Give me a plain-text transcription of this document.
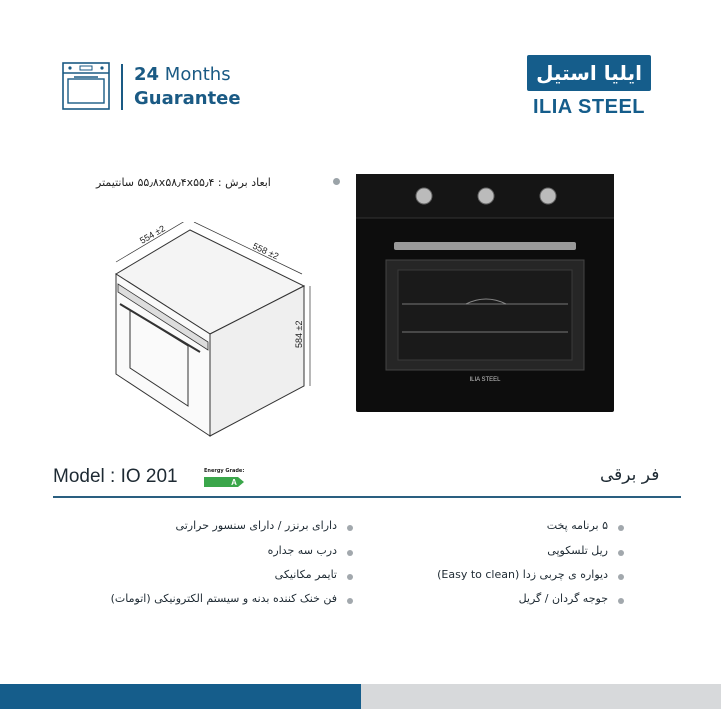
24 Months
Guarantee
ایلیا استیل
ILIA STEEL
ابعاد برش : ۵۵٫۸x۵۸٫۴x۵۵٫۴ سانتیمتر
554 ±2
558 ±2
584 ±2
ILIA STEEL
Model : IO 201	Energy Grade:
A	فر برقی
۵ برنامه پخت
ریل تلسکوپی
دیواره ی چربی زدا (Easy to clean)
جوجه گردان / گریل
دارای برنزر / دارای سنسور حرارتی
درب سه جداره
تایمر مکانیکی
فن خنک کننده بدنه و سیستم الکترونیکی (اتومات)
